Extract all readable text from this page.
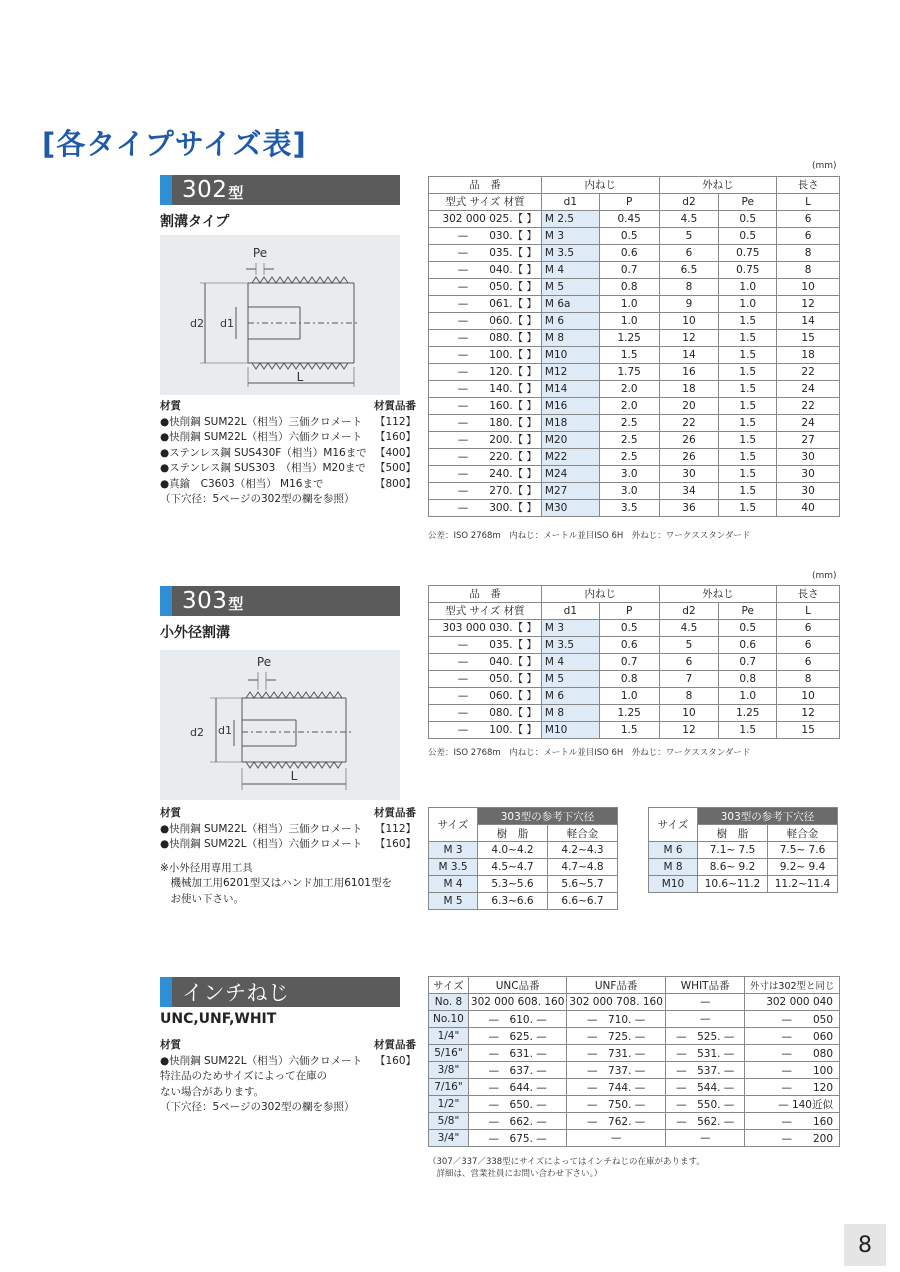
[各タイプサイズ表]
302 型
割溝タイプ
Pe
d2 d1
L
材質	材質品番
●快削鋼 SUM22L（相当）三価クロメート 【112】
●快削鋼 SUM22L（相当）六価クロメート 【160】
●ステンレス鋼 SUS430F（相当）M16まで 【400】
●ステンレス鋼 SUS303　（相当）M20まで 【500】
●真鍮　C3603（相当） M16まで	【800】
（下穴径：5ページの302型の欄を参照）
(mm)
品　番	内ねじ		外ねじ		長さ
型式 サイズ 材質	d1	P	d2	Pe	L
302 000 025.【 】	M 2.5	0.45	4.5	0.5	6
—　　030.【 】	M 3	0.5	5	0.5	6
—　　035.【 】	M 3.5	0.6	6	0.75	8
—　　040.【 】	M 4	0.7	6.5	0.75	8
—　　050.【 】	M 5	0.8	8	1.0	10
—　　061.【 】	M 6a	1.0	9	1.0	12
—　　060.【 】	M 6	1.0	10	1.5	14
—　　080.【 】	M 8	1.25	12	1.5	15
—　　100.【 】	M10	1.5	14	1.5	18
—　　120.【 】	M12	1.75	16	1.5	22
—　　140.【 】	M14	2.0	18	1.5	24
—　　160.【 】	M16	2.0	20	1.5	22
—　　180.【 】	M18	2.5	22	1.5	24
—　　200.【 】	M20	2.5	26	1.5	27
—　　220.【 】	M22	2.5	26	1.5	30
—　　240.【 】	M24	3.0	30	1.5	30
—　　270.【 】	M27	3.0	34	1.5	30
—　　300.【 】	M30	3.5	36	1.5	40
公差：ISO 2768m　内ねじ：メートル並目ISO 6H　外ねじ：ワークススタンダード
303 型
小外径割溝
Pe
d2 d1
L
材質	材質品番
●快削鋼 SUM22L（相当）三価クロメート 【112】
●快削鋼 SUM22L（相当）六価クロメート 【160】
※小外径用専用工具
　機械加工用6201型又はハンド加工用6101型を
　お使い下さい。
(mm)
品　番	内ねじ		外ねじ		長さ
型式 サイズ 材質	d1	P	d2	Pe	L
303 000 030.【 】	M 3	0.5	4.5	0.5	6
—　　035.【 】	M 3.5	0.6	5	0.6	6
—　　040.【 】	M 4	0.7	6	0.7	6
—　　050.【 】	M 5	0.8	7	0.8	8
—　　060.【 】	M 6	1.0	8	1.0	10
—　　080.【 】	M 8	1.25	10	1.25	12
—　　100.【 】	M10	1.5	12	1.5	15
公差：ISO 2768m　内ねじ：メートル並目ISO 6H　外ねじ：ワークススタンダード
サイズ	303型の参考下穴径	
	樹　脂	軽合金
M 3	4.0~4.2	4.2~4.3
M 3.5	4.5~4.7	4.7~4.8
M 4	5.3~5.6	5.6~5.7
M 5	6.3~6.6	6.6~6.7
サイズ	303型の参考下穴径	
	樹　脂	軽合金
M 6	7.1~ 7.5	7.5~ 7.6
M 8	8.6~ 9.2	9.2~ 9.4
M10	10.6~11.2	11.2~11.4
インチねじ
UNC,UNF,WHIT
材質	材質品番
●快削鋼 SUM22L（相当）六価クロメート 【160】
特注品のためサイズによって在庫の
ない場合があります。
（下穴径：5ページの302型の欄を参照）
サイズ	UNC品番	UNF品番	WHIT品番	外寸は302型と同じ
No. 8	302 000 608. 160	302 000 708. 160	—	302 000 040
No.10	—　610. —	—　710. —	—	—　　050
1/4"	—　625. —	—　725. —	—　525. —	—　　060
5/16"	—　631. —	—　731. —	—　531. —	—　　080
3/8"	—　637. —	—　737. —	—　537. —	—　　100
7/16"	—　644. —	—　744. —	—　544. —	—　　120
1/2"	—　650. —	—　750. —	—　550. —	— 140近似
5/8"	—　662. —	—　762. —	—　562. —	—　　160
3/4"	—　675. —	—	—	—　　200
（307／337／338型にサイズによってはインチねじの在庫があります。
　詳細は、営業社員にお問い合わせ下さい。）
8
